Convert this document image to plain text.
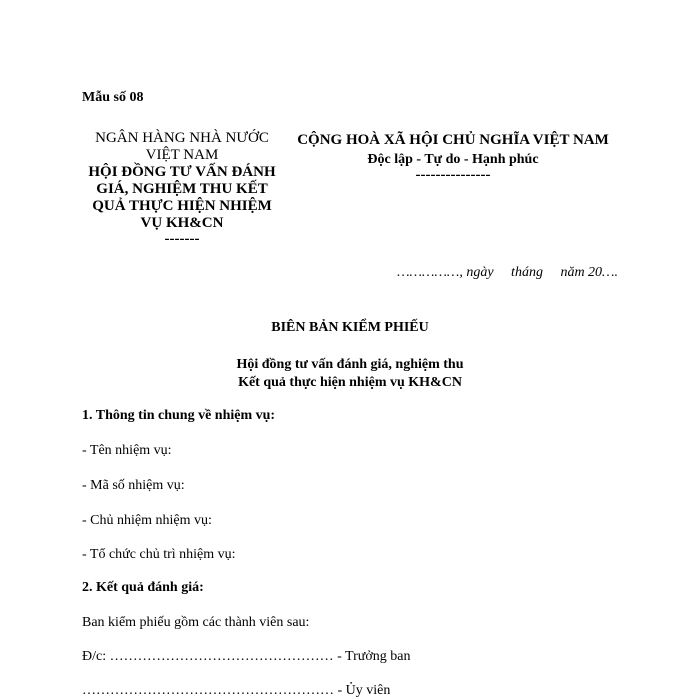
Mẫu số 08
NGÂN HÀNG NHÀ NƯỚC
VIỆT NAM
HỘI ĐỒNG TƯ VẤN ĐÁNH
GIÁ, NGHIỆM THU KẾT
QUẢ THỰC HIỆN NHIỆM
VỤ KH&CN
-------
CỘNG HOÀ XÃ HỘI CHỦ NGHĨA VIỆT NAM
Độc lập - Tự do - Hạnh phúc
---------------
……………, ngày     tháng     năm 20….
BIÊN BẢN KIỂM PHIẾU
Hội đồng tư vấn đánh giá, nghiệm thu
Kết quả thực hiện nhiệm vụ KH&CN
1. Thông tin chung về nhiệm vụ:
- Tên nhiệm vụ:
- Mã số nhiệm vụ:
- Chủ nhiệm nhiệm vụ:
- Tổ chức chủ trì nhiệm vụ:
2. Kết quả đánh giá:
Ban kiểm phiếu gồm các thành viên sau:
Đ/c: ………………………………………… - Trưởng ban
……………………………………………… - Ủy viên
